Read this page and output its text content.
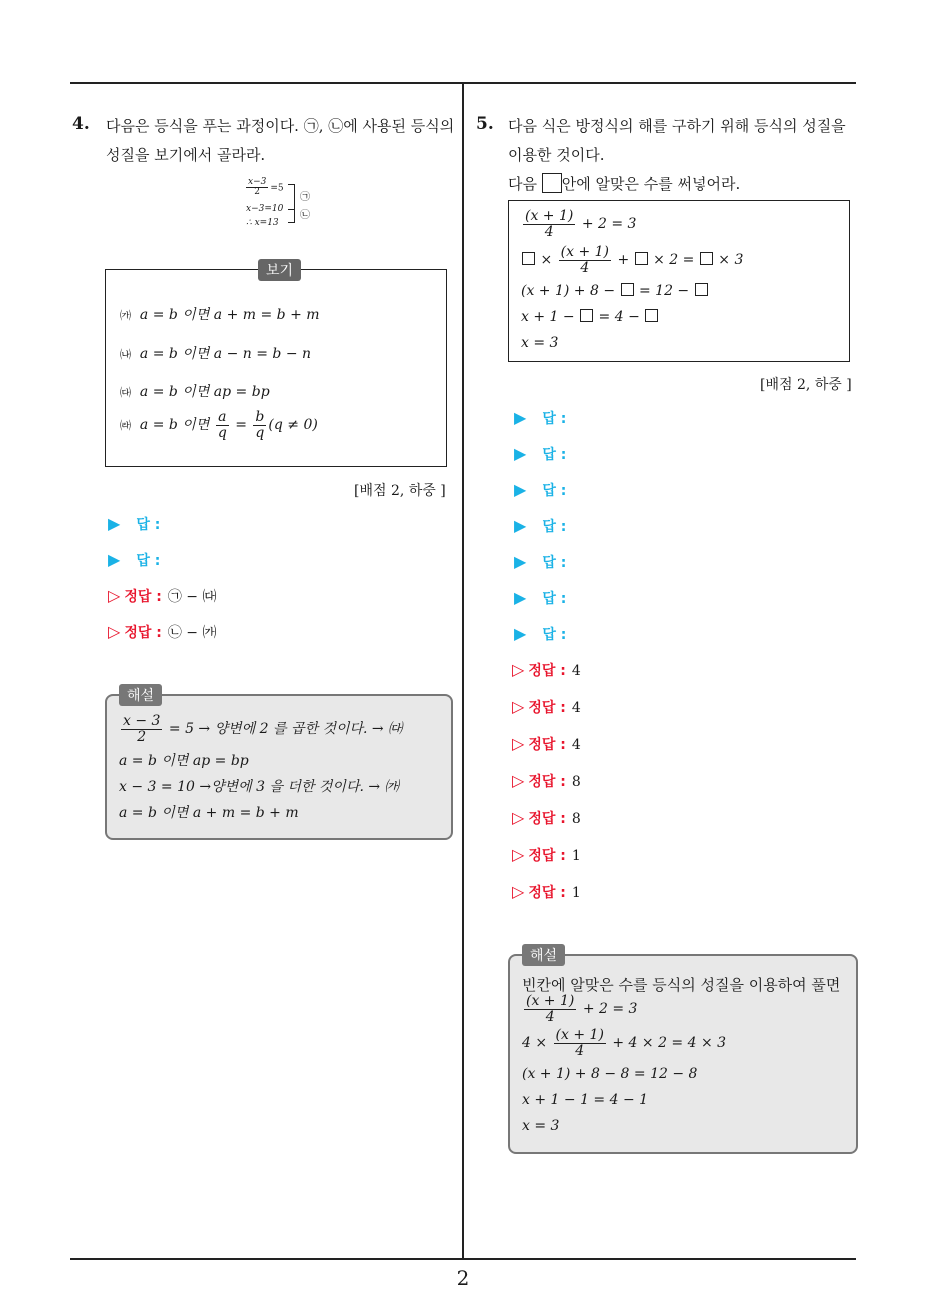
2
4. 다음은 등식을 푸는 과정이다. ㉠, ㉡에 사용된 등식의
성질을 보기에서 골라라.
$\frac{x-3}{2} =5$
x−3=10
∴ x=13
㉠
㉡
보기
㈎ a = b 이면 a + m = b + m
㈏ a = b 이면 a − n = b − n
㈐ a = b 이면 ap = bp
㈑ a = b 이면 $\frac{a}{q} = \frac{b}{q} (q \ne 0)$
[배점 2, 하중 ]
▶ 답 :
▶ 답 :
▷ 정답 : ㉠ − ㈐
▷ 정답 : ㉡ − ㈎
해설
$\frac{x - 3}{2} = 5$ → 양변에 2 를 곱한 것이다. → ㈐
a = b 이면 ap = bp
x − 3 = 10 →양변에 3 을 더한 것이다. → ㈎
a = b 이면 a + m = b + m
5. 다음 식은 방정식의 해를 구하기 위해 등식의 성질을
이용한 것이다.
다음 안에 알맞은 수를 써넣어라.
$\frac{(x + 1)}{4} + 2 = 3$
× $\frac{(x + 1)}{4}$ + × 2 = × 3
(x + 1) + 8 − = 12 −
x + 1 − = 4 −
x = 3
[배점 2, 하중 ]
▶ 답 :
▶ 답 :
▶ 답 :
▶ 답 :
▶ 답 :
▶ 답 :
▶ 답 :
▷ 정답 : 4
▷ 정답 : 4
▷ 정답 : 4
▷ 정답 : 8
▷ 정답 : 8
▷ 정답 : 1
▷ 정답 : 1
해설
빈칸에 알맞은 수를 등식의 성질을 이용하여 풀면
$\frac{(x + 1)}{4} + 2 = 3$
$4 \times \frac{(x + 1)}{4} + 4 \times 2 = 4 \times 3$
(x + 1) + 8 − 8 = 12 − 8
x + 1 − 1 = 4 − 1
x = 3
